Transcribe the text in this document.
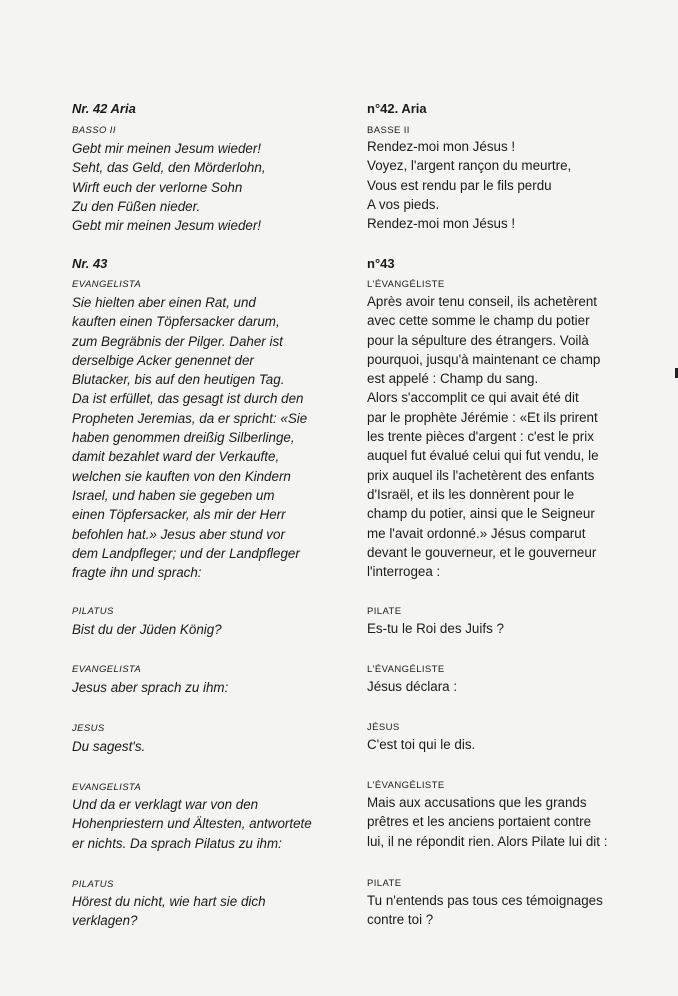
Nr. 42 Aria
BASSO II
Gebt mir meinen Jesum wieder!
Seht, das Geld, den Mörderlohn,
Wirft euch der verlorne Sohn
Zu den Füßen nieder.
Gebt mir meinen Jesum wieder!
Nr. 43
EVANGELISTA
Sie hielten aber einen Rat, und
kauften einen Töpfersacker darum,
zum Begräbnis der Pilger. Daher ist
derselbige Acker genennet der
Blutacker, bis auf den heutigen Tag.
Da ist erfüllet, das gesagt ist durch den
Propheten Jeremias, da er spricht: «Sie
haben genommen dreißig Silberlinge,
damit bezahlet ward der Verkaufte,
welchen sie kauften von den Kindern
Israel, und haben sie gegeben um
einen Töpfersacker, als mir der Herr
befohlen hat.» Jesus aber stund vor
dem Landpfleger; und der Landpfleger
fragte ihn und sprach:
PILATUS
Bist du der Jüden König?
EVANGELISTA
Jesus aber sprach zu ihm:
JESUS
Du sagest's.
EVANGELISTA
Und da er verklagt war von den
Hohenpriestern und Ältesten, antwortete
er nichts. Da sprach Pilatus zu ihm:
PILATUS
Hörest du nicht, wie hart sie dich
verklagen?
n°42. Aria
BASSE II
Rendez-moi mon Jésus !
Voyez, l'argent rançon du meurtre,
Vous est rendu par le fils perdu
A vos pieds.
Rendez-moi mon Jésus !
n°43
L'ÉVANGÉLISTE
Après avoir tenu conseil, ils achetèrent
avec cette somme le champ du potier
pour la sépulture des étrangers. Voilà
pourquoi, jusqu'à maintenant ce champ
est appelé : Champ du sang.
Alors s'accomplit ce qui avait été dit
par le prophète Jérémie : «Et ils prirent
les trente pièces d'argent : c'est le prix
auquel fut évalué celui qui fut vendu, le
prix auquel ils l'achetèrent des enfants
d'Israël, et ils les donnèrent pour le
champ du potier, ainsi que le Seigneur
me l'avait ordonné.» Jésus comparut
devant le gouverneur, et le gouverneur
l'interrogea :
PILATE
Es-tu le Roi des Juifs ?
L'ÉVANGÉLISTE
Jésus déclara :
JÉSUS
C'est toi qui le dis.
L'ÉVANGÉLISTE
Mais aux accusations que les grands
prêtres et les anciens portaient contre
lui, il ne répondit rien. Alors Pilate lui dit :
PILATE
Tu n'entends pas tous ces témoignages
contre toi ?
